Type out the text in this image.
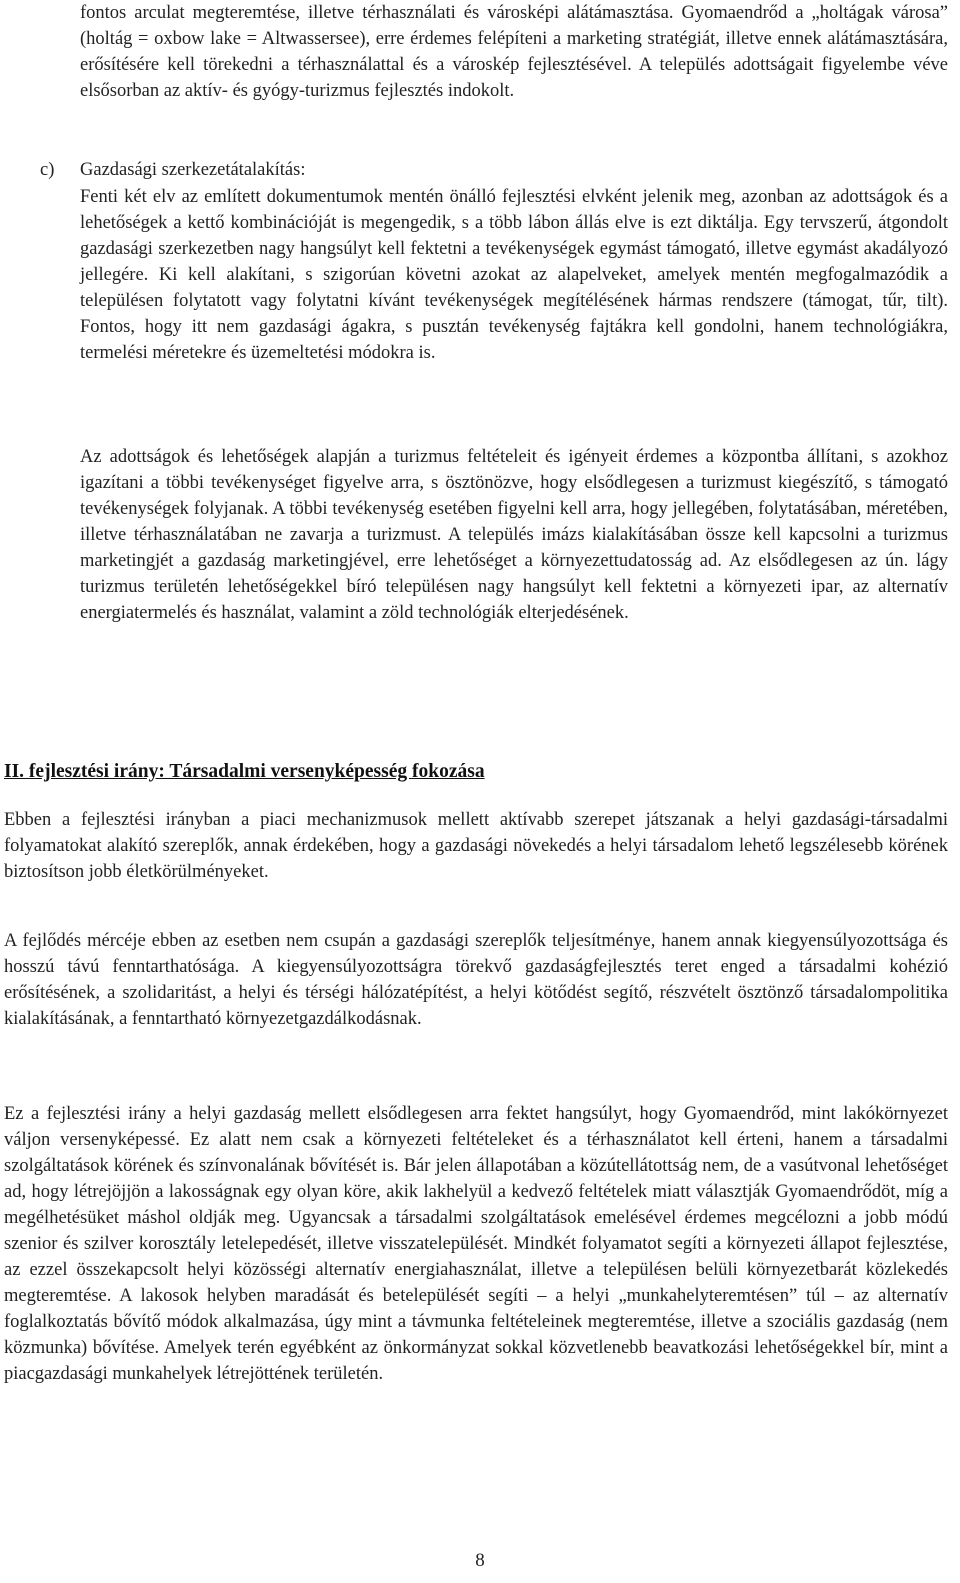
fontos arculat megteremtése, illetve térhasználati és városképi alátámasztása. Gyomaendrőd a „holtágak városa” (holtág = oxbow lake = Altwassersee), erre érdemes felépíteni a marketing stratégiát, illetve ennek alátámasztására, erősítésére kell törekedni a térhasználattal és a városkép fejlesztésével. A település adottságait figyelembe véve elsősorban az aktív- és gyógy-turizmus fejlesztés indokolt.

c) Gazdasági szerkezetátalakítás:

Fenti két elv az említett dokumentumok mentén önálló fejlesztési elvként jelenik meg, azonban az adottságok és a lehetőségek a kettő kombinációját is megengedik, s a több lábon állás elve is ezt diktálja. Egy tervszerű, átgondolt gazdasági szerkezetben nagy hangsúlyt kell fektetni a tevékenységek egymást támogató, illetve egymást akadályozó jellegére. Ki kell alakítani, s szigorúan követni azokat az alapelveket, amelyek mentén megfogalmazódik a településen folytatott vagy folytatni kívánt tevékenységek megítélésének hármas rendszere (támogat, tűr, tilt). Fontos, hogy itt nem gazdasági ágakra, s pusztán tevékenység fajtákra kell gondolni, hanem technológiákra, termelési méretekre és üzemeltetési módokra is.

Az adottságok és lehetőségek alapján a turizmus feltételeit és igényeit érdemes a központba állítani, s azokhoz igazítani a többi tevékenységet figyelve arra, s ösztönözve, hogy elsődlegesen a turizmust kiegészítő, s támogató tevékenységek folyjanak. A többi tevékenység esetében figyelni kell arra, hogy jellegében, folytatásában, méretében, illetve térhasználatában ne zavarja a turizmust. A település imázs kialakításában össze kell kapcsolni a turizmus marketingjét a gazdaság marketingjével, erre lehetőséget a környezettudatosság ad. Az elsődlegesen az ún. lágy turizmus területén lehetőségekkel bíró településen nagy hangsúlyt kell fektetni a környezeti ipar, az alternatív energiatermelés és használat, valamint a zöld technológiák elterjedésének.

II. fejlesztési irány: Társadalmi versenyképesség fokozása

Ebben a fejlesztési irányban a piaci mechanizmusok mellett aktívabb szerepet játszanak a helyi gazdasági-társadalmi folyamatokat alakító szereplők, annak érdekében, hogy a gazdasági növekedés a helyi társadalom lehető legszélesebb körének biztosítson jobb életkörülményeket.

A fejlődés mércéje ebben az esetben nem csupán a gazdasági szereplők teljesítménye, hanem annak kiegyensúlyozottsága és hosszú távú fenntarthatósága. A kiegyensúlyozottságra törekvő gazdaságfejlesztés teret enged a társadalmi kohézió erősítésének, a szolidaritást, a helyi és térségi hálózatépítést, a helyi kötődést segítő, részvételt ösztönző társadalompolitika kialakításának, a fenntartható környezetgazdálkodásnak.

Ez a fejlesztési irány a helyi gazdaság mellett elsődlegesen arra fektet hangsúlyt, hogy Gyomaendrőd, mint lakókörnyezet váljon versenyképessé. Ez alatt nem csak a környezeti feltételeket és a térhasználatot kell érteni, hanem a társadalmi szolgáltatások körének és színvonalának bővítését is. Bár jelen állapotában a közútellátottság nem, de a vasútvonal lehetőséget ad, hogy létrejöjjön a lakosságnak egy olyan köre, akik lakhelyül a kedvező feltételek miatt választják Gyomaendrődöt, míg a megélhetésüket máshol oldják meg. Ugyancsak a társadalmi szolgáltatások emelésével érdemes megcélozni a jobb módú szenior és szilver korosztály letelepedését, illetve visszatelepülését. Mindkét folyamatot segíti a környezeti állapot fejlesztése, az ezzel összekapcsolt helyi közösségi alternatív energiahasználat, illetve a településen belüli környezetbarát közlekedés megteremtése. A lakosok helyben maradását és betelepülését segíti – a helyi „munkahelyteremtésen” túl – az alternatív foglalkoztatás bővítő módok alkalmazása, úgy mint a távmunka feltételeinek megteremtése, illetve a szociális gazdaság (nem közmunka) bővítése. Amelyek terén egyébként az önkormányzat sokkal közvetlenebb beavatkozási lehetőségekkel bír, mint a piacgazdasági munkahelyek létrejöttének területén.

8
